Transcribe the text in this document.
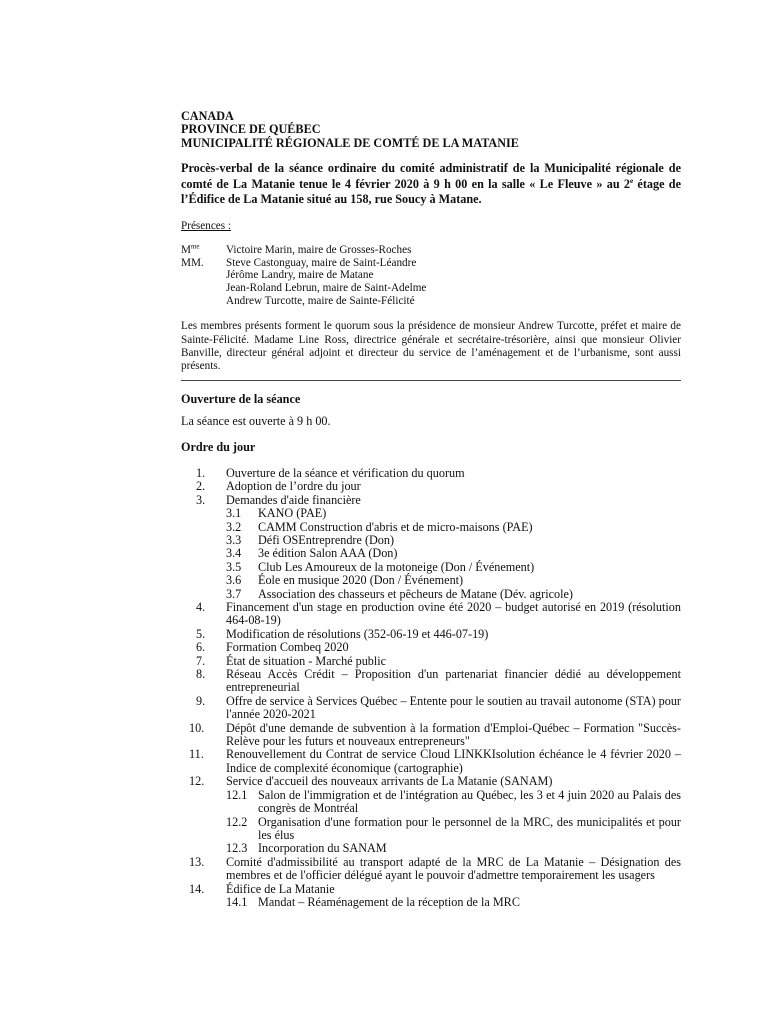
CANADA
PROVINCE DE QUÉBEC
MUNICIPALITÉ RÉGIONALE DE COMTÉ DE LA MATANIE
Procès-verbal de la séance ordinaire du comité administratif de la Municipalité régionale de comté de La Matanie tenue le 4 février 2020 à 9 h 00 en la salle « Le Fleuve » au 2e étage de l’Édifice de La Matanie situé au 158, rue Soucy à Matane.
Présences :
$M^{me}$	Victoire Marin, maire de Grosses-Roches
MM.	Steve Castonguay, maire de Saint-Léandre
Jérôme Landry, maire de Matane
Jean-Roland Lebrun, maire de Saint-Adelme
Andrew Turcotte, maire de Sainte-Félicité
Les membres présents forment le quorum sous la présidence de monsieur Andrew Turcotte, préfet et maire de Sainte-Félicité. Madame Line Ross, directrice générale et secrétaire-trésorière, ainsi que monsieur Olivier Banville, directeur général adjoint et directeur du service de l’aménagement et de l’urbanisme, sont aussi présents.
Ouverture de la séance
La séance est ouverte à 9 h 00.
Ordre du jour
1.	Ouverture de la séance et vérification du quorum
2.	Adoption de l’ordre du jour
3.	Demandes d'aide financière
3.1	KANO (PAE)
3.2	CAMM Construction d'abris et de micro-maisons (PAE)
3.3	Défi OSEntreprendre (Don)
3.4	3e édition Salon AAA (Don)
3.5	Club Les Amoureux de la motoneige (Don / Événement)
3.6	Éole en musique 2020 (Don / Événement)
3.7	Association des chasseurs et pêcheurs de Matane (Dév. agricole)
4.	Financement d'un stage en production ovine été 2020 – budget autorisé en 2019 (résolution 464-08-19)
5.	Modification de résolutions (352-06-19 et 446-07-19)
6.	Formation Combeq 2020
7.	État de situation - Marché public
8.	Réseau Accès Crédit – Proposition d'un partenariat financier dédié au développement entrepreneurial
9.	Offre de service à Services Québec – Entente pour le soutien au travail autonome (STA) pour l'année 2020-2021
10.	Dépôt d'une demande de subvention à la formation d'Emploi-Québec – Formation "Succès-Relève pour les futurs et nouveaux entrepreneurs"
11.	Renouvellement du Contrat de service Cloud LINKKIsolution échéance le 4 février 2020 – Indice de complexité économique (cartographie)
12.	Service d'accueil des nouveaux arrivants de La Matanie (SANAM)
12.1 Salon de l'immigration et de l'intégration au Québec, les 3 et 4 juin 2020 au Palais des congrès de Montréal
12.2 Organisation d'une formation pour le personnel de la MRC, des municipalités et pour les élus
12.3 Incorporation du SANAM
13.	Comité d'admissibilité au transport adapté de la MRC de La Matanie – Désignation des membres et de l'officier délégué ayant le pouvoir d'admettre temporairement les usagers
14.	Édifice de La Matanie
14.1 Mandat – Réaménagement de la réception de la MRC
